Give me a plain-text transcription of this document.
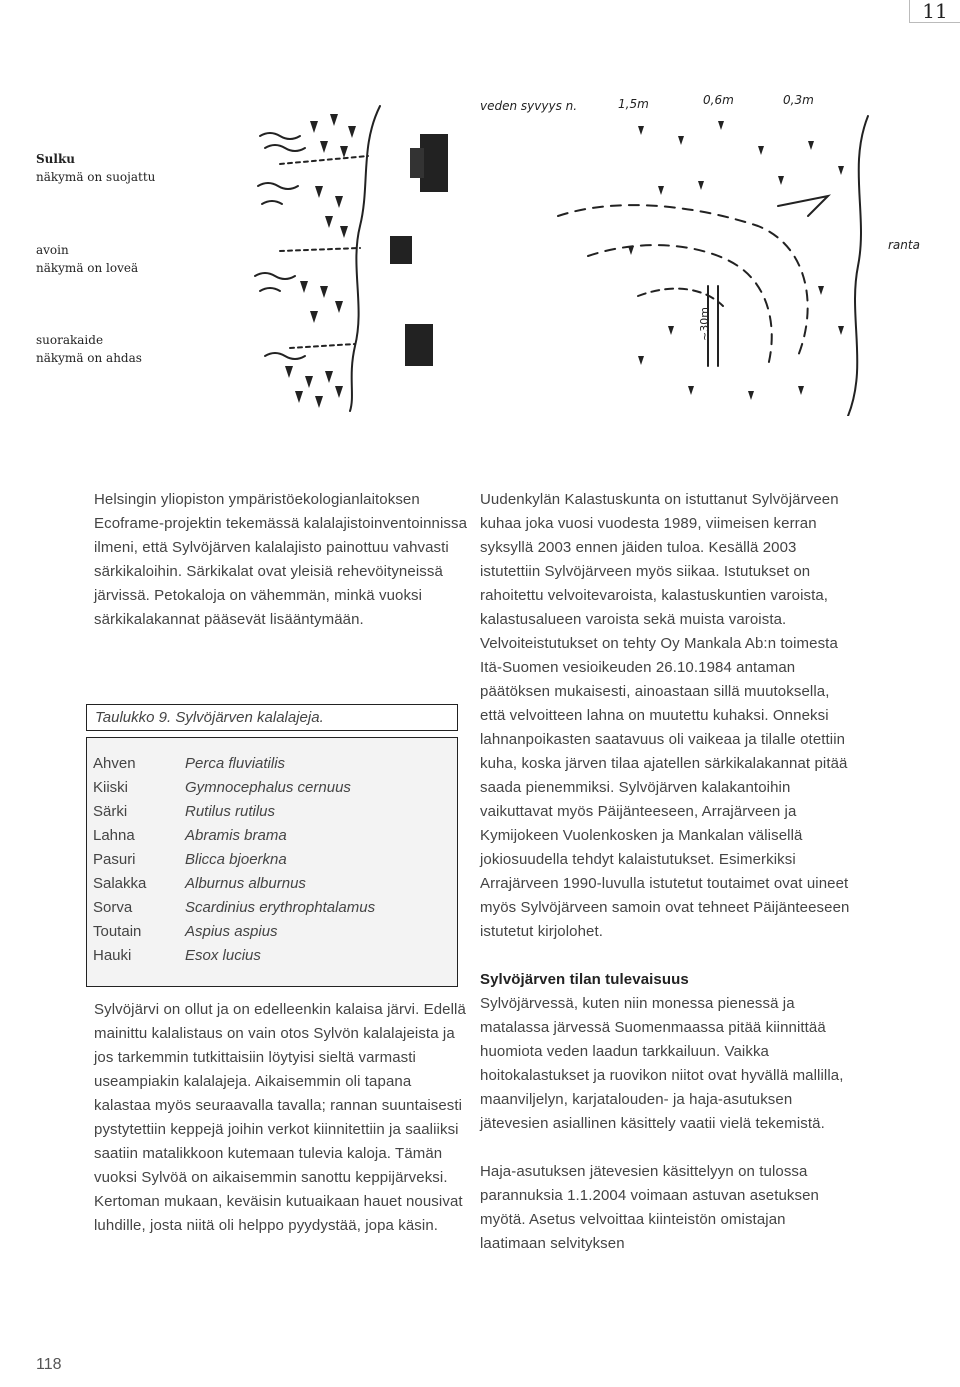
11
Sulku
näkymä on suojattu
avoin
näkymä on loveä
suorakaide
näkymä on ahdas
veden syvyys n.	1,5m	0,6m	0,3m
ranta
~30m

Helsingin yliopiston ympäristöekologianlaitoksen Ecoframe-projektin tekemässä kalalajistoinventoinnissa ilmeni, että Sylvöjärven kalalajisto painottuu vahvasti särkikaloihin. Särkikalat ovat yleisiä rehevöityneissä järvissä. Petokaloja on vähemmän, minkä vuoksi särkikalakannat pääsevät lisääntymään.

Taulukko 9. Sylvöjärven kalalajeja.
Ahven	Perca fluviatilis
Kiiski	Gymnocephalus cernuus
Särki	Rutilus rutilus
Lahna	Abramis brama
Pasuri	Blicca bjoerkna
Salakka	Alburnus alburnus
Sorva	Scardinius erythrophtalamus
Toutain	Aspius aspius
Hauki	Esox lucius

Sylvöjärvi on ollut ja on edelleenkin kalaisa järvi. Edellä mainittu kalalistaus on vain otos Sylvön kalalajeista ja jos tarkemmin tutkittaisiin löytyisi sieltä varmasti useampiakin kalalajeja. Aikaisemmin oli tapana kalastaa myös seuraavalla tavalla; rannan suuntaisesti pystytettiin keppejä joihin verkot kiinnitettiin ja saaliiksi saatiin matalikkoon kutemaan tulevia kaloja. Tämän vuoksi Sylvöä on aikaisemmin sanottu keppijärveksi. Kertoman mukaan, keväisin kutuaikaan hauet nousivat luhdille, josta niitä oli helppo pyydystää, jopa käsin.

Uudenkylän Kalastuskunta on istuttanut Sylvöjärveen kuhaa joka vuosi vuodesta 1989, viimeisen kerran syksyllä 2003 ennen jäiden tuloa. Kesällä 2003 istutettiin Sylvöjärveen myös siikaa. Istutukset on rahoitettu velvoitevaroista, kalastuskuntien varoista, kalastusalueen varoista sekä muista varoista. Velvoiteistutukset on tehty Oy Mankala Ab:n toimesta Itä-Suomen vesioikeuden 26.10.1984 antaman päätöksen mukaisesti, ainoastaan sillä muutoksella, että velvoitteen lahna on muutettu kuhaksi. Onneksi lahnanpoikasten saatavuus oli vaikeaa ja tilalle otettiin kuha, koska järven tilaa ajatellen särkikalakannat pitää saada pienemmiksi. Sylvöjärven kalakantoihin vaikuttavat myös Päijänteeseen, Arrajärveen ja Kymijokeen Vuolenkosken ja Mankalan välisellä jokiosuudella tehdyt kalaistutukset. Esimerkiksi Arrajärveen 1990-luvulla istutetut toutaimet ovat uineet myös Sylvöjärveen samoin ovat tehneet Päijänteeseen istutetut kirjolohet.

Sylvöjärven tilan tulevaisuus

Sylvöjärvessä, kuten niin monessa pienessä ja matalassa järvessä Suomenmaassa pitää kiinnittää huomiota veden laadun tarkkailuun. Vaikka hoitokalastukset ja ruovikon niitot ovat hyvällä mallilla, maanviljelyn, karjatalouden- ja haja-asutuksen jätevesien asiallinen käsittely vaatii vielä tekemistä.

Haja-asutuksen jätevesien käsittelyyn on tulossa parannuksia 1.1.2004 voimaan astuvan asetuksen myötä. Asetus velvoittaa kiinteistön omistajan laatimaan selvityksen

118
